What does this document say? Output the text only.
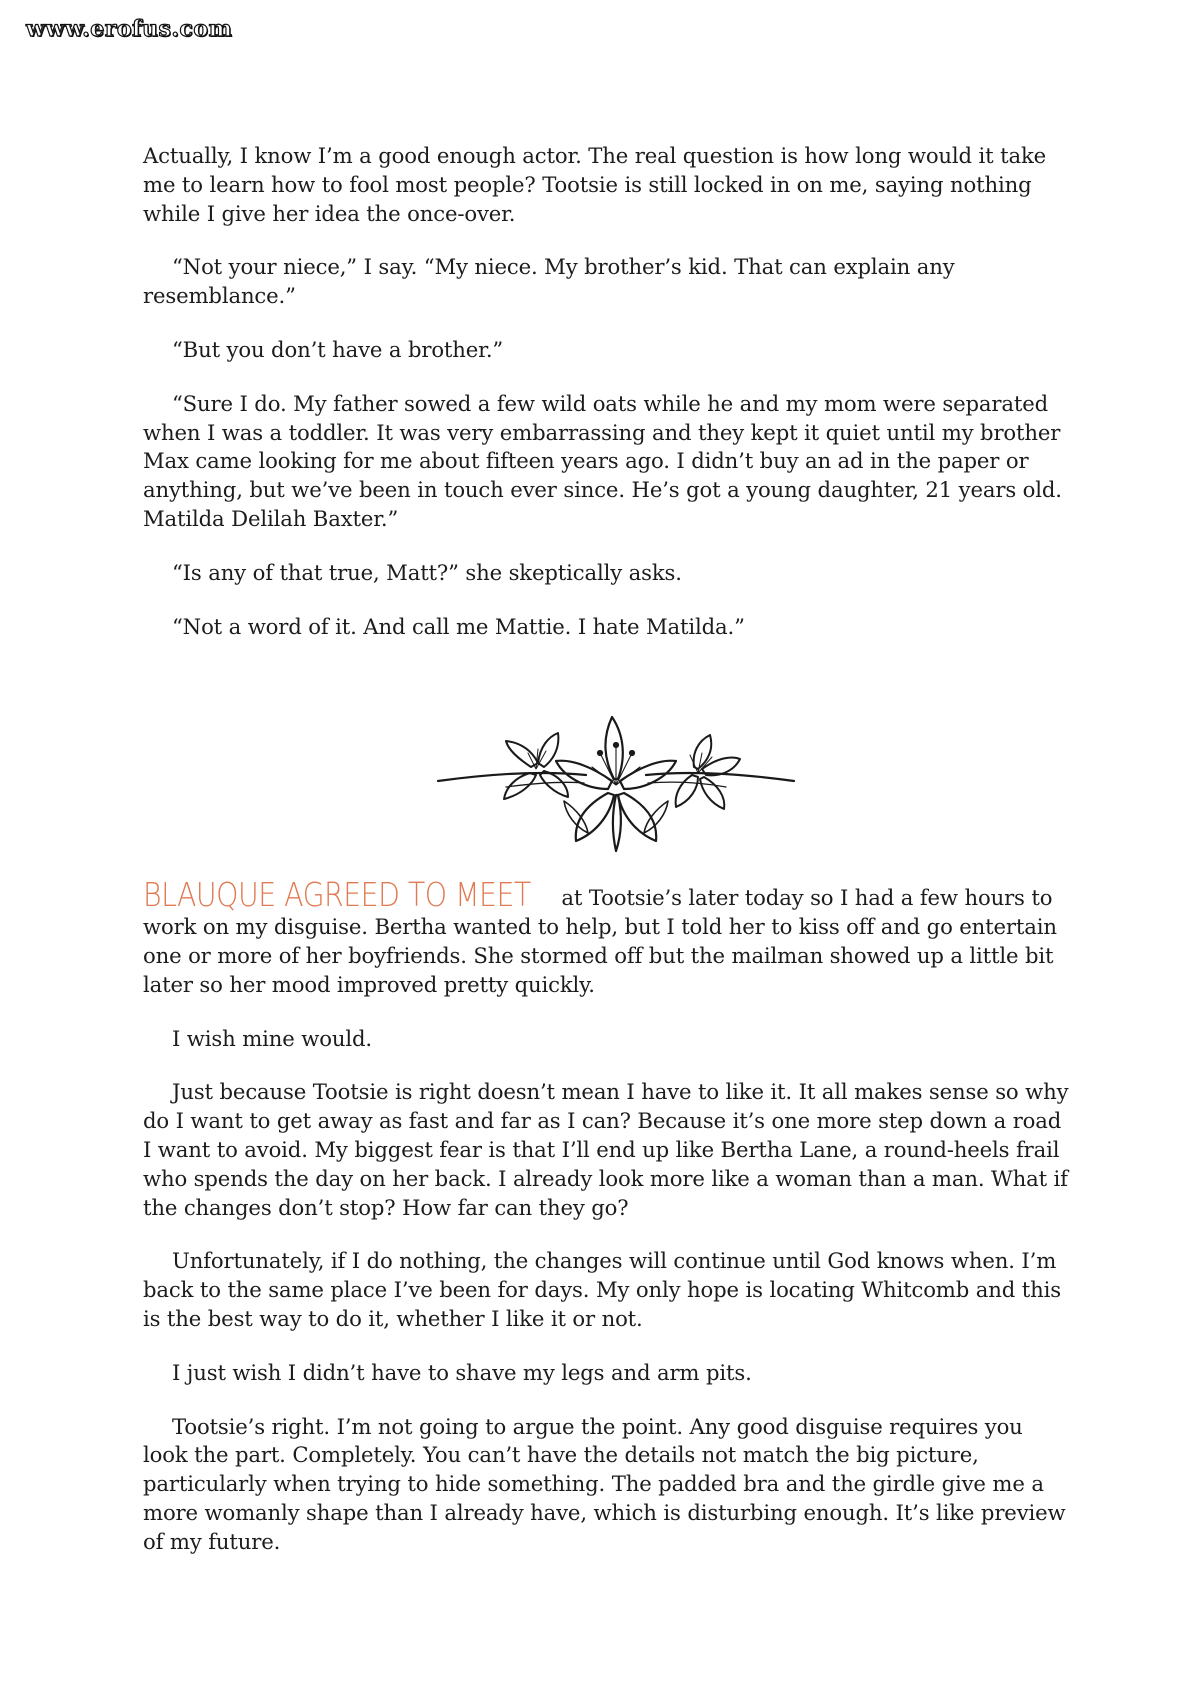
www.erofus.com

Actually, I know I’m a good enough actor. The real question is how long would it take me to learn how to fool most people? Tootsie is still locked in on me, saying nothing while I give her idea the once-over.

“Not your niece,” I say. “My niece. My brother’s kid. That can explain any resemblance.”

“But you don’t have a brother.”

“Sure I do. My father sowed a few wild oats while he and my mom were separated when I was a toddler. It was very embarrassing and they kept it quiet until my brother Max came looking for me about fifteen years ago. I didn’t buy an ad in the paper or anything, but we’ve been in touch ever since. He’s got a young daughter, 21 years old. Matilda Delilah Baxter.”

“Is any of that true, Matt?” she skeptically asks.

“Not a word of it. And call me Mattie. I hate Matilda.”

BLAUQUE AGREED TO MEET at Tootsie’s later today so I had a few hours to work on my disguise. Bertha wanted to help, but I told her to kiss off and go entertain one or more of her boyfriends. She stormed off but the mailman showed up a little bit later so her mood improved pretty quickly.

I wish mine would.

Just because Tootsie is right doesn’t mean I have to like it. It all makes sense so why do I want to get away as fast and far as I can? Because it’s one more step down a road I want to avoid. My biggest fear is that I’ll end up like Bertha Lane, a round-heels frail who spends the day on her back. I already look more like a woman than a man. What if the changes don’t stop? How far can they go?

Unfortunately, if I do nothing, the changes will continue until God knows when. I’m back to the same place I’ve been for days. My only hope is locating Whitcomb and this is the best way to do it, whether I like it or not.

I just wish I didn’t have to shave my legs and arm pits.

Tootsie’s right. I’m not going to argue the point. Any good disguise requires you look the part. Completely. You can’t have the details not match the big picture, particularly when trying to hide something. The padded bra and the girdle give me a more womanly shape than I already have, which is disturbing enough. It’s like preview of my future.
